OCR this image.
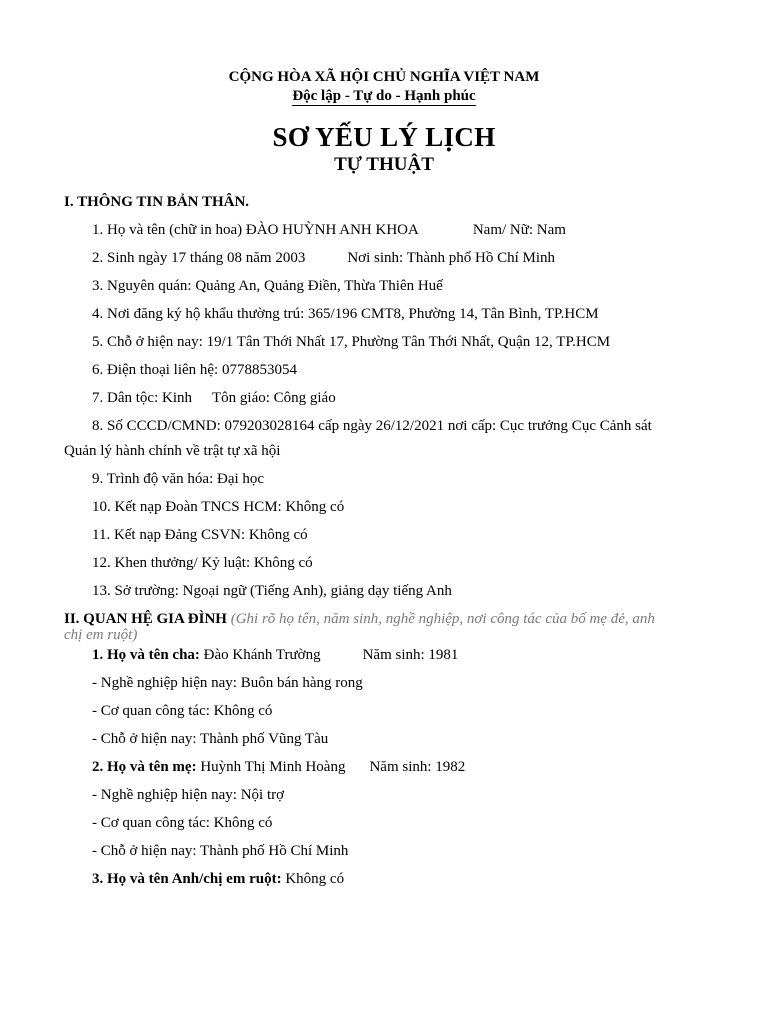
CỘNG HÒA XÃ HỘI CHỦ NGHĨA VIỆT NAM
Độc lập - Tự do - Hạnh phúc
SƠ YẾU LÝ LỊCH
TỰ THUẬT
I. THÔNG TIN BẢN THÂN.
1. Họ và tên (chữ in hoa) ĐÀO HUỲNH ANH KHOA	Nam/ Nữ: Nam
2. Sinh ngày 17 tháng 08 năm 2003	Nơi sinh: Thành phố Hồ Chí Minh
3. Nguyên quán: Quảng An, Quảng Điền, Thừa Thiên Huế
4. Nơi đăng ký hộ khẩu thường trú: 365/196 CMT8, Phường 14, Tân Bình, TP.HCM
5. Chỗ ở hiện nay: 19/1 Tân Thới Nhất 17, Phường Tân Thới Nhất, Quận 12, TP.HCM
6. Điện thoại liên hệ: 0778853054
7. Dân tộc: Kinh Tôn giáo: Công giáo
8. Số CCCD/CMND: 079203028164 cấp ngày 26/12/2021 nơi cấp: Cục trưởng Cục Cảnh sát
Quản lý hành chính về trật tự xã hội
9. Trình độ văn hóa: Đại học
10. Kết nạp Đoàn TNCS HCM: Không có
11. Kết nạp Đảng CSVN: Không có
12. Khen thưởng/ Kỷ luật: Không có
13. Sở trường: Ngoại ngữ (Tiếng Anh), giảng dạy tiếng Anh
II. QUAN HỆ GIA ĐÌNH (Ghi rõ họ tên, năm sinh, nghề nghiệp, nơi công tác của bố mẹ đẻ, anh
chị em ruột)
1. Họ và tên cha: Đào Khánh Trường	Năm sinh: 1981
- Nghề nghiệp hiện nay: Buôn bán hàng rong
- Cơ quan công tác: Không có
- Chỗ ở hiện nay: Thành phố Vũng Tàu
2. Họ và tên mẹ: Huỳnh Thị Minh Hoàng Năm sinh: 1982
- Nghề nghiệp hiện nay: Nội trợ
- Cơ quan công tác: Không có
- Chỗ ở hiện nay: Thành phố Hồ Chí Minh
3. Họ và tên Anh/chị em ruột: Không có
